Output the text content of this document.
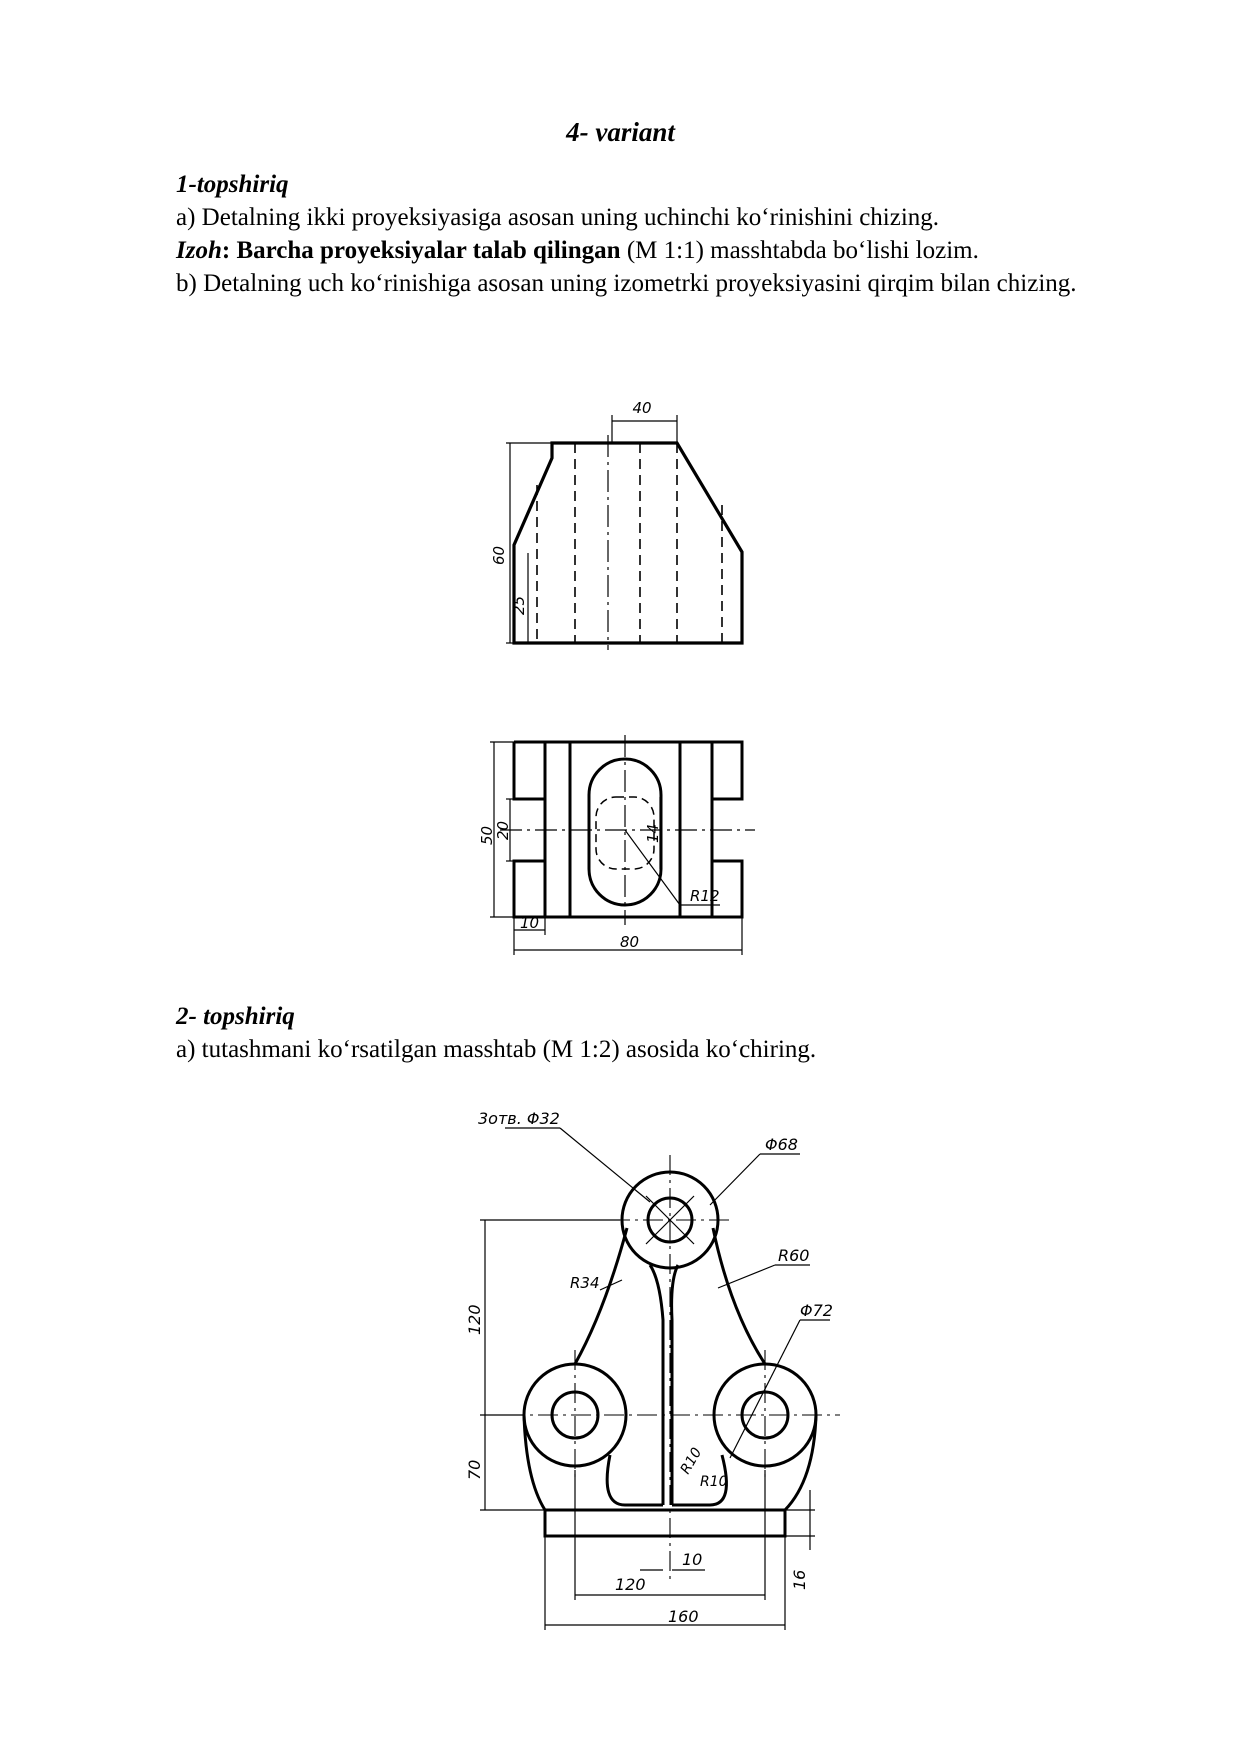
4- variant
1-topshiriq
a) Detalning ikki proyeksiyasiga asosan uning uchinchi ko‘rinishini chizing.
Izoh: Barcha proyeksiyalar talab qilingan (M 1:1) masshtabda bo‘lishi lozim.
b) Detalning uch ko‘rinishiga asosan uning izometrki proyeksiyasini qirqim bilan chizing.
40
60
25
50
20	14
R12
10
80
2- topshiriq
a) tutashmani ko‘rsatilgan masshtab (M 1:2) asosida ko‘chiring.
3отв. Φ32
Φ68
R60
R34
Φ72
R10
R10
120
70
10
120
160
16
